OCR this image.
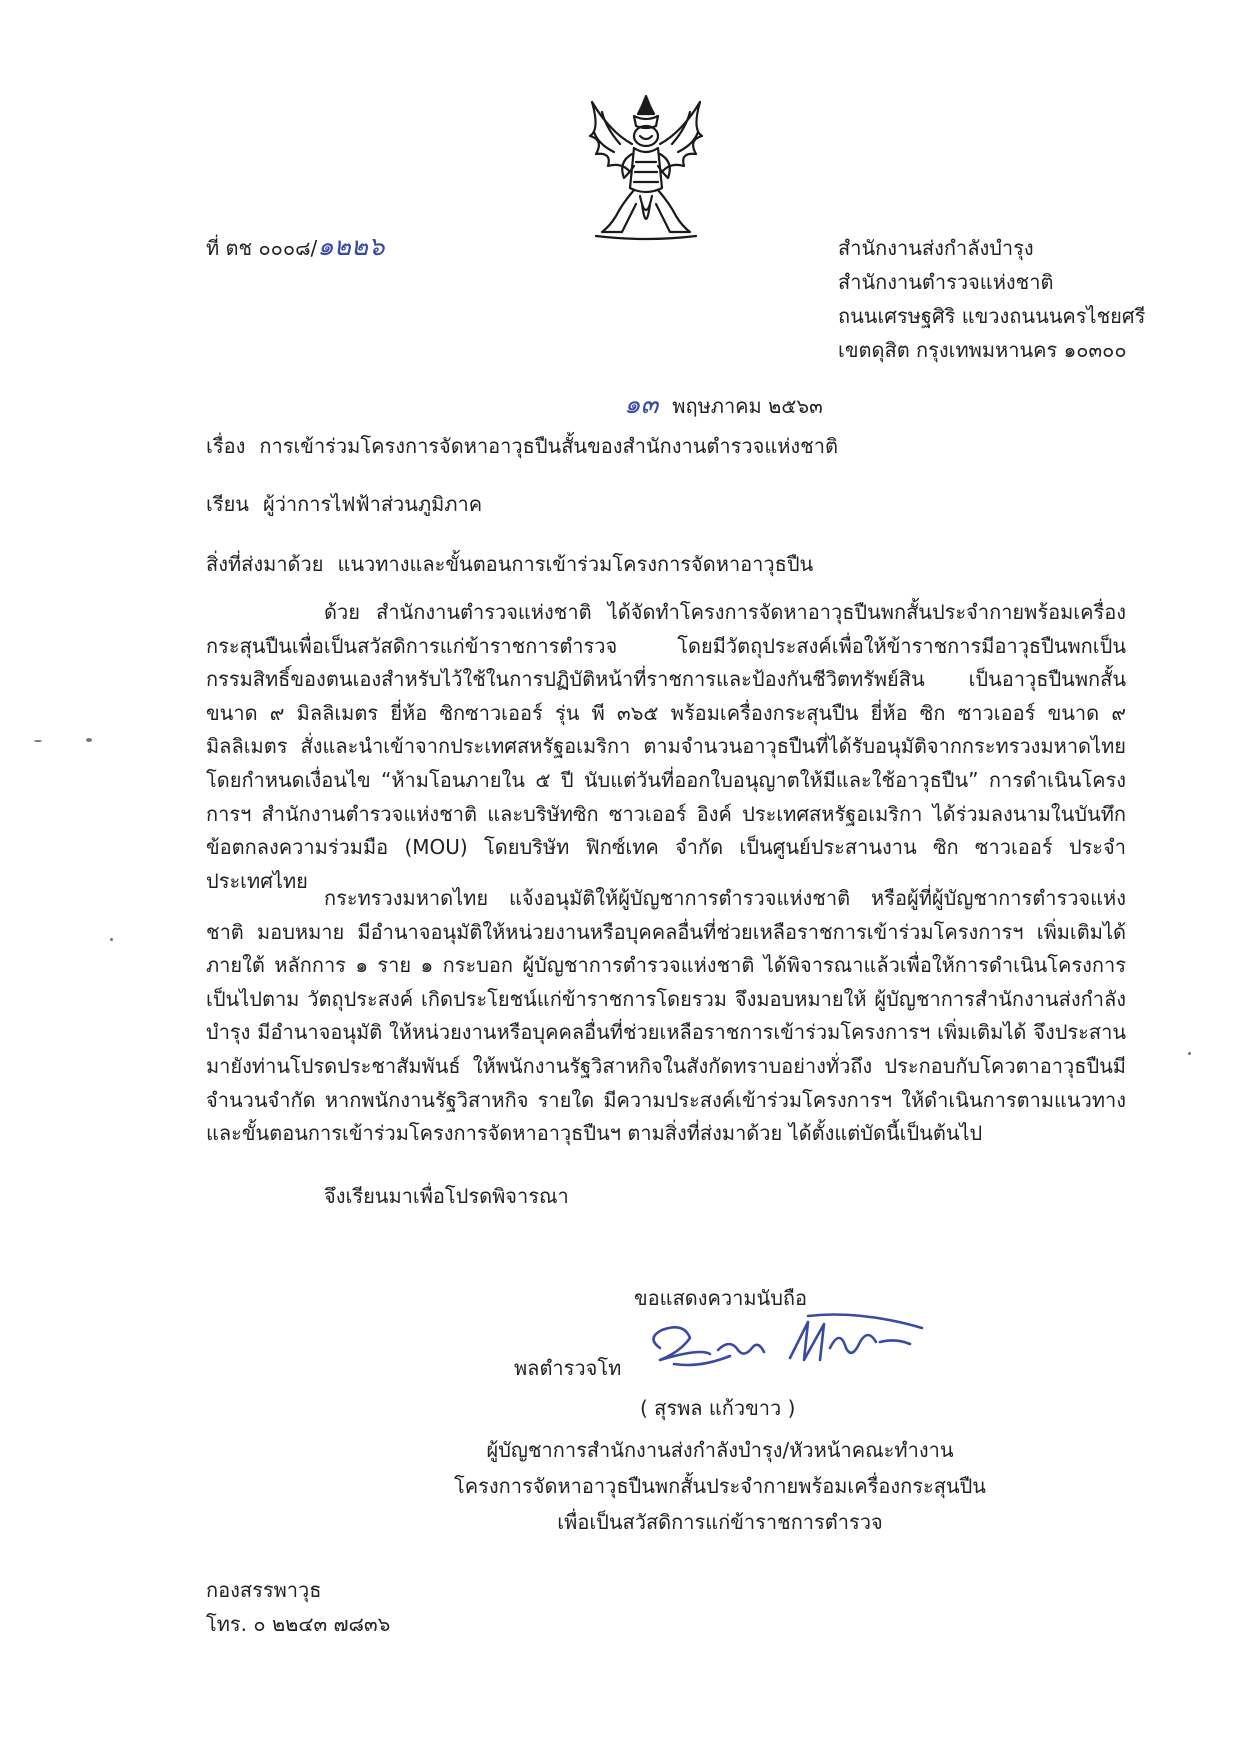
ที่ ตช ๐๐๐๘/๑๒๒๖	สำนักงานส่งกำลังบำรุง
สำนักงานตำรวจแห่งชาติ
ถนนเศรษฐศิริ แขวงถนนนครไชยศรี
เขตดุสิต กรุงเทพมหานคร ๑๐๓๐๐
๑๓ พฤษภาคม ๒๕๖๓
เรื่อง การเข้าร่วมโครงการจัดหาอาวุธปืนสั้นของสำนักงานตำรวจแห่งชาติ
เรียน ผู้ว่าการไฟฟ้าส่วนภูมิภาค
สิ่งที่ส่งมาด้วย แนวทางและขั้นตอนการเข้าร่วมโครงการจัดหาอาวุธปืน
ด้วย สำนักงานตำรวจแห่งชาติ ได้จัดทำโครงการจัดหาอาวุธปืนพกสั้นประจำกายพร้อมเครื่องกระสุนปืนเพื่อเป็นสวัสดิการแก่ข้าราชการตำรวจ โดยมีวัตถุประสงค์เพื่อให้ข้าราชการมีอาวุธปืนพกเป็นกรรมสิทธิ์ของตนเองสำหรับไว้ใช้ในการปฏิบัติหน้าที่ราชการและป้องกันชีวิตทรัพย์สิน เป็นอาวุธปืนพกสั้น ขนาด ๙ มิลลิเมตร ยี่ห้อ ซิกซาวเออร์ รุ่น พี ๓๖๕ พร้อมเครื่องกระสุนปืน ยี่ห้อ ซิก ซาวเออร์ ขนาด ๙ มิลลิเมตร สั่งและนำเข้าจากประเทศสหรัฐอเมริกา ตามจำนวนอาวุธปืนที่ได้รับอนุมัติจากกระทรวงมหาดไทย โดยกำหนดเงื่อนไข “ห้ามโอนภายใน ๕ ปี นับแต่วันที่ออกใบอนุญาตให้มีและใช้อาวุธปืน” การดำเนินโครงการฯ สำนักงานตำรวจแห่งชาติ และบริษัทซิก ซาวเออร์ อิงค์ ประเทศสหรัฐอเมริกา ได้ร่วมลงนามในบันทึกข้อตกลงความร่วมมือ (MOU) โดยบริษัท ฟิกซ์เทค จำกัด เป็นศูนย์ประสานงาน ซิก ซาวเออร์ ประจำประเทศไทย
กระทรวงมหาดไทย แจ้งอนุมัติให้ผู้บัญชาการตำรวจแห่งชาติ หรือผู้ที่ผู้บัญชาการตำรวจแห่งชาติ มอบหมาย มีอำนาจอนุมัติให้หน่วยงานหรือบุคคลอื่นที่ช่วยเหลือราชการเข้าร่วมโครงการฯ เพิ่มเติมได้ ภายใต้ หลักการ ๑ ราย ๑ กระบอก ผู้บัญชาการตำรวจแห่งชาติ ได้พิจารณาแล้วเพื่อให้การดำเนินโครงการเป็นไปตาม วัตถุประสงค์ เกิดประโยชน์แก่ข้าราชการโดยรวม จึงมอบหมายให้ ผู้บัญชาการสำนักงานส่งกำลังบำรุง มีอำนาจอนุมัติ ให้หน่วยงานหรือบุคคลอื่นที่ช่วยเหลือราชการเข้าร่วมโครงการฯ เพิ่มเติมได้ จึงประสานมายังท่านโปรดประชาสัมพันธ์ ให้พนักงานรัฐวิสาหกิจในสังกัดทราบอย่างทั่วถึง ประกอบกับโควตาอาวุธปืนมีจำนวนจำกัด หากพนักงานรัฐวิสาหกิจ รายใด มีความประสงค์เข้าร่วมโครงการฯ ให้ดำเนินการตามแนวทางและขั้นตอนการเข้าร่วมโครงการจัดหาอาวุธปืนฯ ตามสิ่งที่ส่งมาด้วย ได้ตั้งแต่บัดนี้เป็นต้นไป
จึงเรียนมาเพื่อโปรดพิจารณา
ขอแสดงความนับถือ
พลตำรวจโท
( สุรพล แก้วขาว )
ผู้บัญชาการสำนักงานส่งกำลังบำรุง/หัวหน้าคณะทำงาน
โครงการจัดหาอาวุธปืนพกสั้นประจำกายพร้อมเครื่องกระสุนปืน
เพื่อเป็นสวัสดิการแก่ข้าราชการตำรวจ
กองสรรพาวุธ
โทร. ๐ ๒๒๔๓ ๗๘๓๖
